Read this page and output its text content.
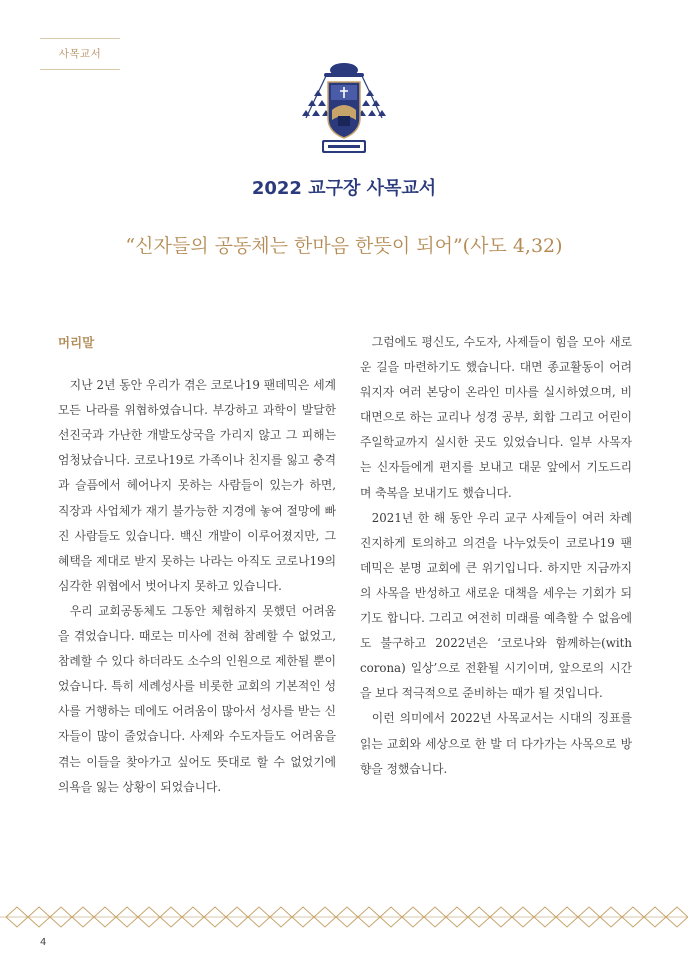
사목교서
2022 교구장 사목교서
“신자들의 공동체는 한마음 한뜻이 되어”(사도 4,32)

머리말

지난 2년 동안 우리가 겪은 코로나19 팬데믹은 세계 모든 나라를 위협하였습니다. 부강하고 과학이 발달한 선진국과 가난한 개발도상국을 가리지 않고 그 피해는 엄청났습니다. 코로나19로 가족이나 친지를 잃고 충격과 슬픔에서 헤어나지 못하는 사람들이 있는가 하면, 직장과 사업체가 재기 불가능한 지경에 놓여 절망에 빠진 사람들도 있습니다. 백신 개발이 이루어졌지만, 그 혜택을 제대로 받지 못하는 나라는 아직도 코로나19의 심각한 위협에서 벗어나지 못하고 있습니다.

우리 교회공동체도 그동안 체험하지 못했던 어려움을 겪었습니다. 때로는 미사에 전혀 참례할 수 없었고, 참례할 수 있다 하더라도 소수의 인원으로 제한될 뿐이었습니다. 특히 세례성사를 비롯한 교회의 기본적인 성사를 거행하는 데에도 어려움이 많아서 성사를 받는 신자들이 많이 줄었습니다. 사제와 수도자들도 어려움을 겪는 이들을 찾아가고 싶어도 뜻대로 할 수 없었기에 의욕을 잃는 상황이 되었습니다.

그럼에도 평신도, 수도자, 사제들이 힘을 모아 새로운 길을 마련하기도 했습니다. 대면 종교활동이 어려워지자 여러 본당이 온라인 미사를 실시하였으며, 비대면으로 하는 교리나 성경 공부, 회합 그리고 어린이 주일학교까지 실시한 곳도 있었습니다. 일부 사목자는 신자들에게 편지를 보내고 대문 앞에서 기도드리며 축복을 보내기도 했습니다.

2021년 한 해 동안 우리 교구 사제들이 여러 차례 진지하게 토의하고 의견을 나누었듯이 코로나19 팬데믹은 분명 교회에 큰 위기입니다. 하지만 지금까지의 사목을 반성하고 새로운 대책을 세우는 기회가 되기도 합니다. 그리고 여전히 미래를 예측할 수 없음에도 불구하고 2022년은 ‘코로나와 함께하는(with corona) 일상’으로 전환될 시기이며, 앞으로의 시간을 보다 적극적으로 준비하는 때가 될 것입니다.

이런 의미에서 2022년 사목교서는 시대의 징표를 읽는 교회와 세상으로 한 발 더 다가가는 사목으로 방향을 정했습니다.

4
